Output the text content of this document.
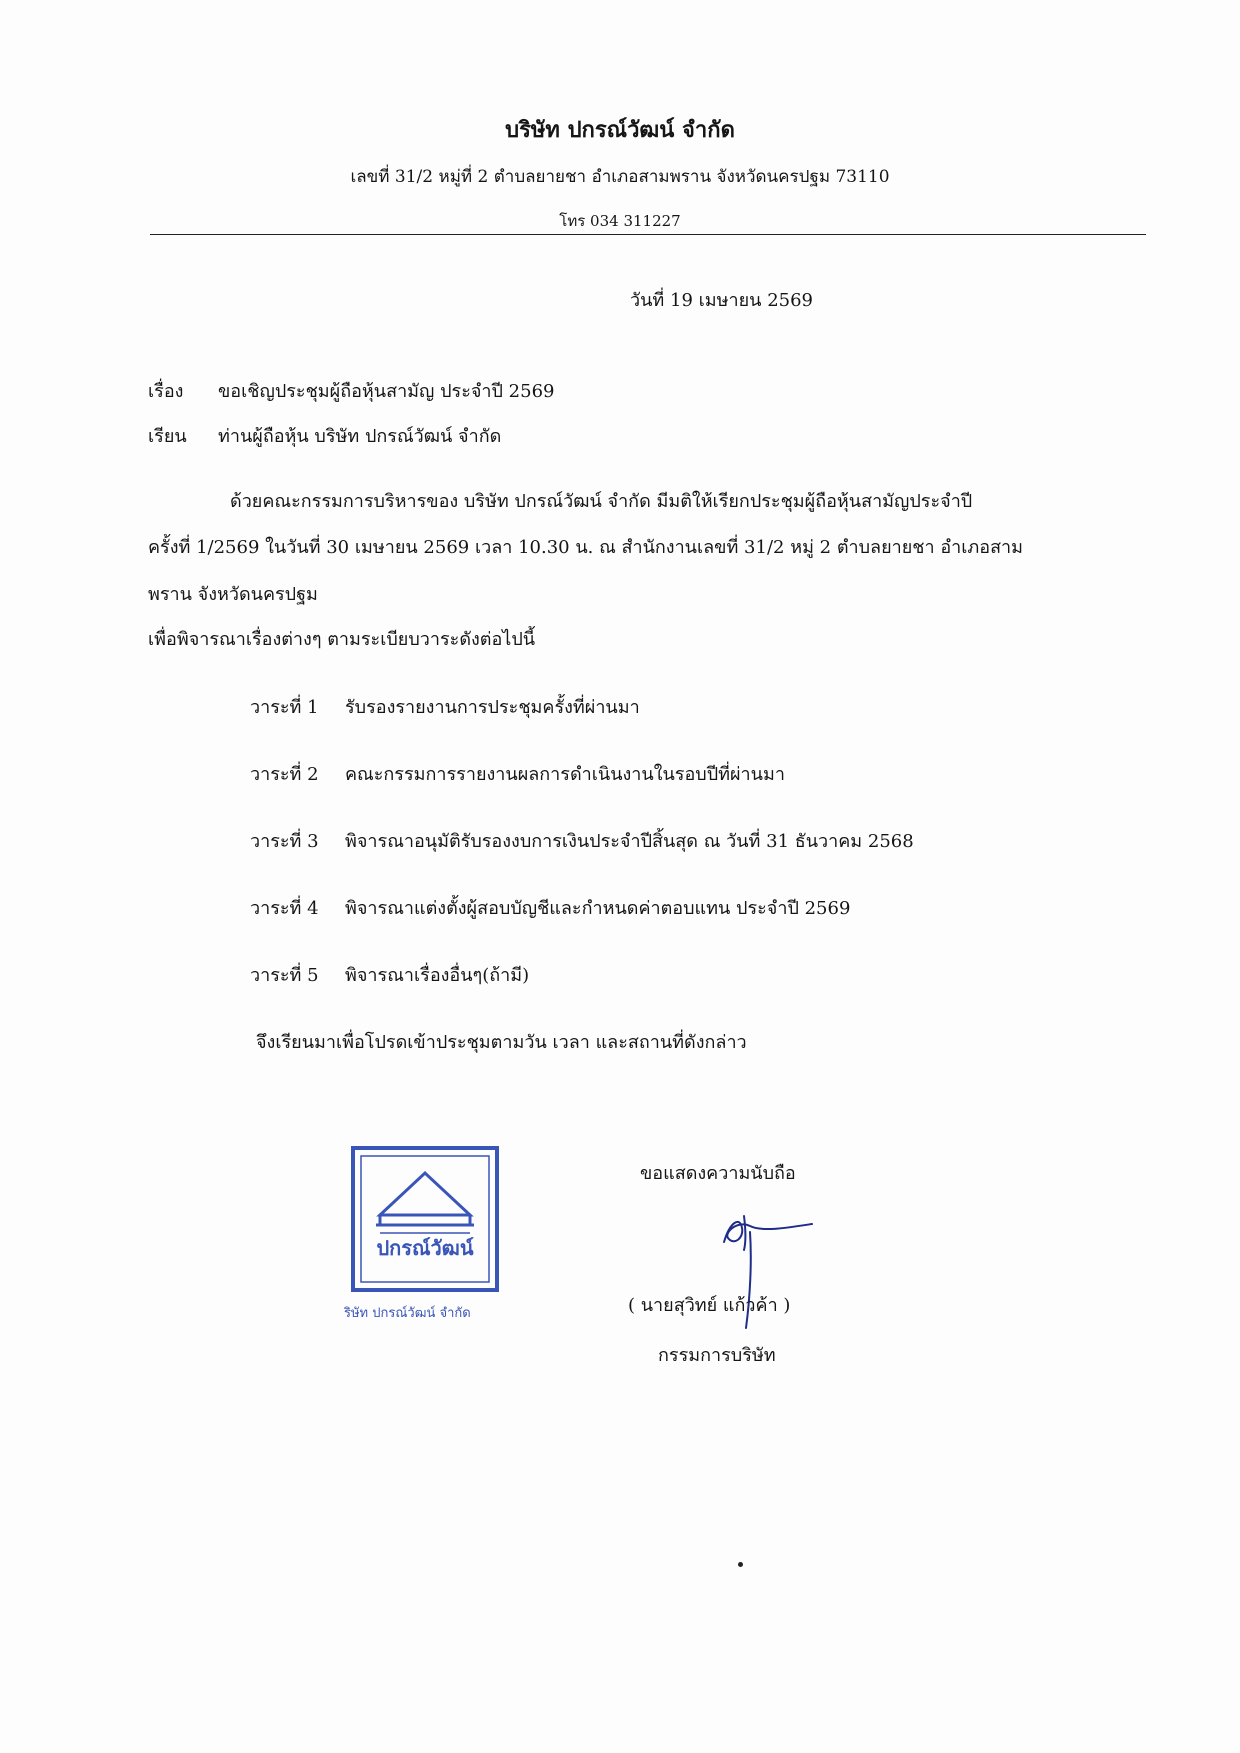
บริษัท ปกรณ์วัฒน์ จำกัด
เลขที่ 31/2 หมู่ที่ 2 ตำบลยายชา อำเภอสามพราน จังหวัดนครปฐม 73110
โทร 034 311227
วันที่ 19 เมษายน 2569
เรื่อง ขอเชิญประชุมผู้ถือหุ้นสามัญ ประจำปี 2569
เรียน ท่านผู้ถือหุ้น บริษัท ปกรณ์วัฒน์ จำกัด
ด้วยคณะกรรมการบริหารของ บริษัท ปกรณ์วัฒน์ จำกัด มีมติให้เรียกประชุมผู้ถือหุ้นสามัญประจำปี
ครั้งที่ 1/2569 ในวันที่ 30 เมษายน 2569 เวลา 10.30 น. ณ สำนักงานเลขที่ 31/2 หมู่ 2 ตำบลยายชา อำเภอสาม
พราน จังหวัดนครปฐม
เพื่อพิจารณาเรื่องต่างๆ ตามระเบียบวาระดังต่อไปนี้
วาระที่ 1 รับรองรายงานการประชุมครั้งที่ผ่านมา
วาระที่ 2 คณะกรรมการรายงานผลการดำเนินงานในรอบปีที่ผ่านมา
วาระที่ 3 พิจารณาอนุมัติรับรองงบการเงินประจำปีสิ้นสุด ณ วันที่ 31 ธันวาคม 2568
วาระที่ 4 พิจารณาแต่งตั้งผู้สอบบัญชีและกำหนดค่าตอบแทน ประจำปี 2569
วาระที่ 5 พิจารณาเรื่องอื่นๆ(ถ้ามี)
จึงเรียนมาเพื่อโปรดเข้าประชุมตามวัน เวลา และสถานที่ดังกล่าว
ปกรณ์วัฒน์
ริษัท ปกรณ์วัฒน์ จำกัด
ขอแสดงความนับถือ
( นายสุวิทย์ แก้วค้า )
กรรมการบริษัท
